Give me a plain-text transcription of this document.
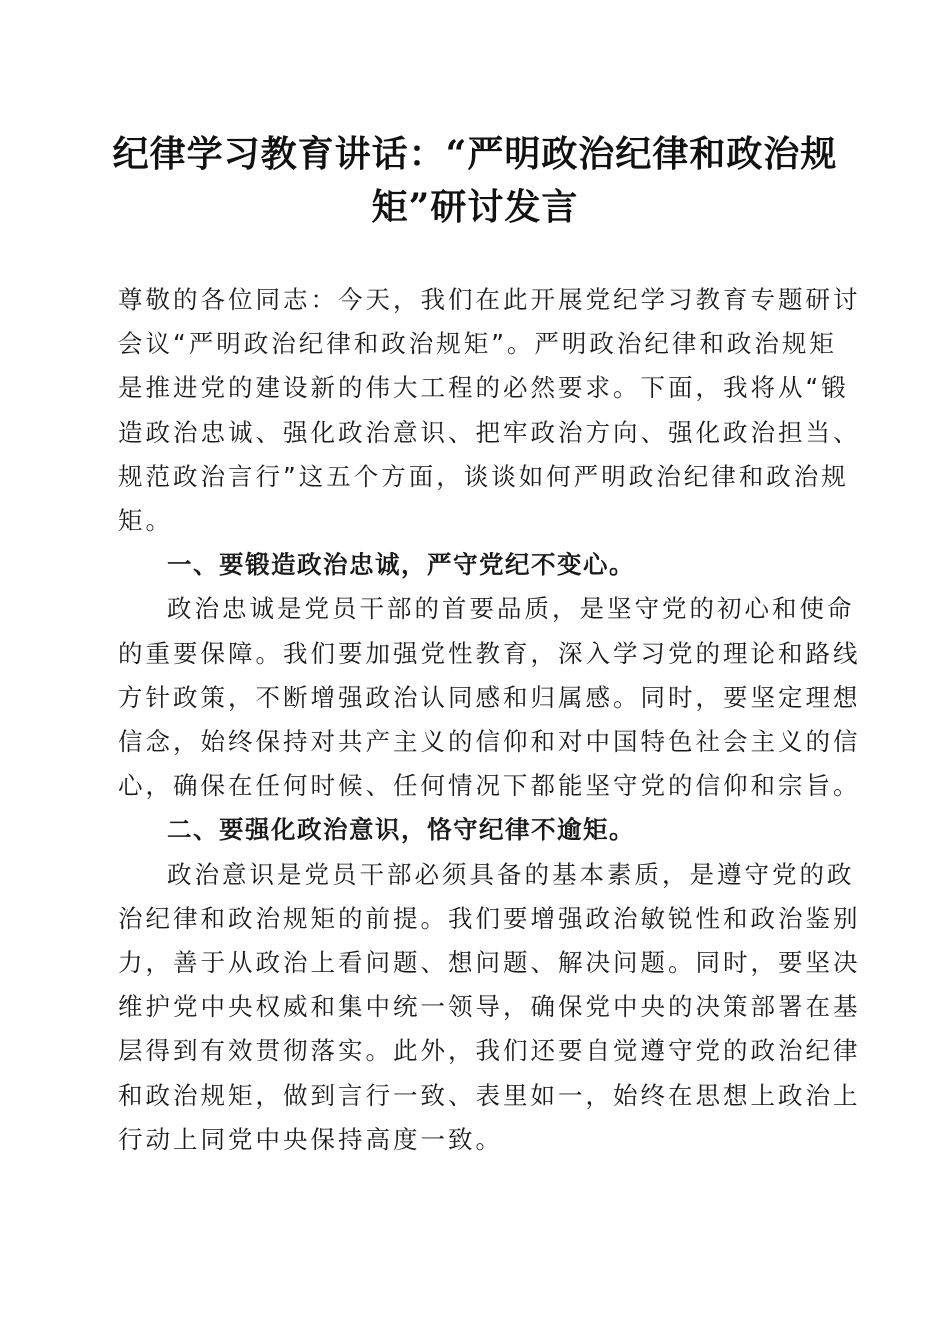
纪律学习教育讲话：“严明政治纪律和政治规
矩”研讨发言

尊敬的各位同志：今天，我们在此开展党纪学习教育专题研讨
会议“严明政治纪律和政治规矩”。严明政治纪律和政治规矩
是推进党的建设新的伟大工程的必然要求。下面，我将从“锻
造政治忠诚、强化政治意识、把牢政治方向、强化政治担当、
规范政治言行”这五个方面，谈谈如何严明政治纪律和政治规
矩。

一、要锻造政治忠诚，严守党纪不变心。

政治忠诚是党员干部的首要品质，是坚守党的初心和使命
的重要保障。我们要加强党性教育，深入学习党的理论和路线
方针政策，不断增强政治认同感和归属感。同时，要坚定理想
信念，始终保持对共产主义的信仰和对中国特色社会主义的信
心，确保在任何时候、任何情况下都能坚守党的信仰和宗旨。

二、要强化政治意识，恪守纪律不逾矩。

政治意识是党员干部必须具备的基本素质，是遵守党的政
治纪律和政治规矩的前提。我们要增强政治敏锐性和政治鉴别
力，善于从政治上看问题、想问题、解决问题。同时，要坚决
维护党中央权威和集中统一领导，确保党中央的决策部署在基
层得到有效贯彻落实。此外，我们还要自觉遵守党的政治纪律
和政治规矩，做到言行一致、表里如一，始终在思想上政治上
行动上同党中央保持高度一致。
